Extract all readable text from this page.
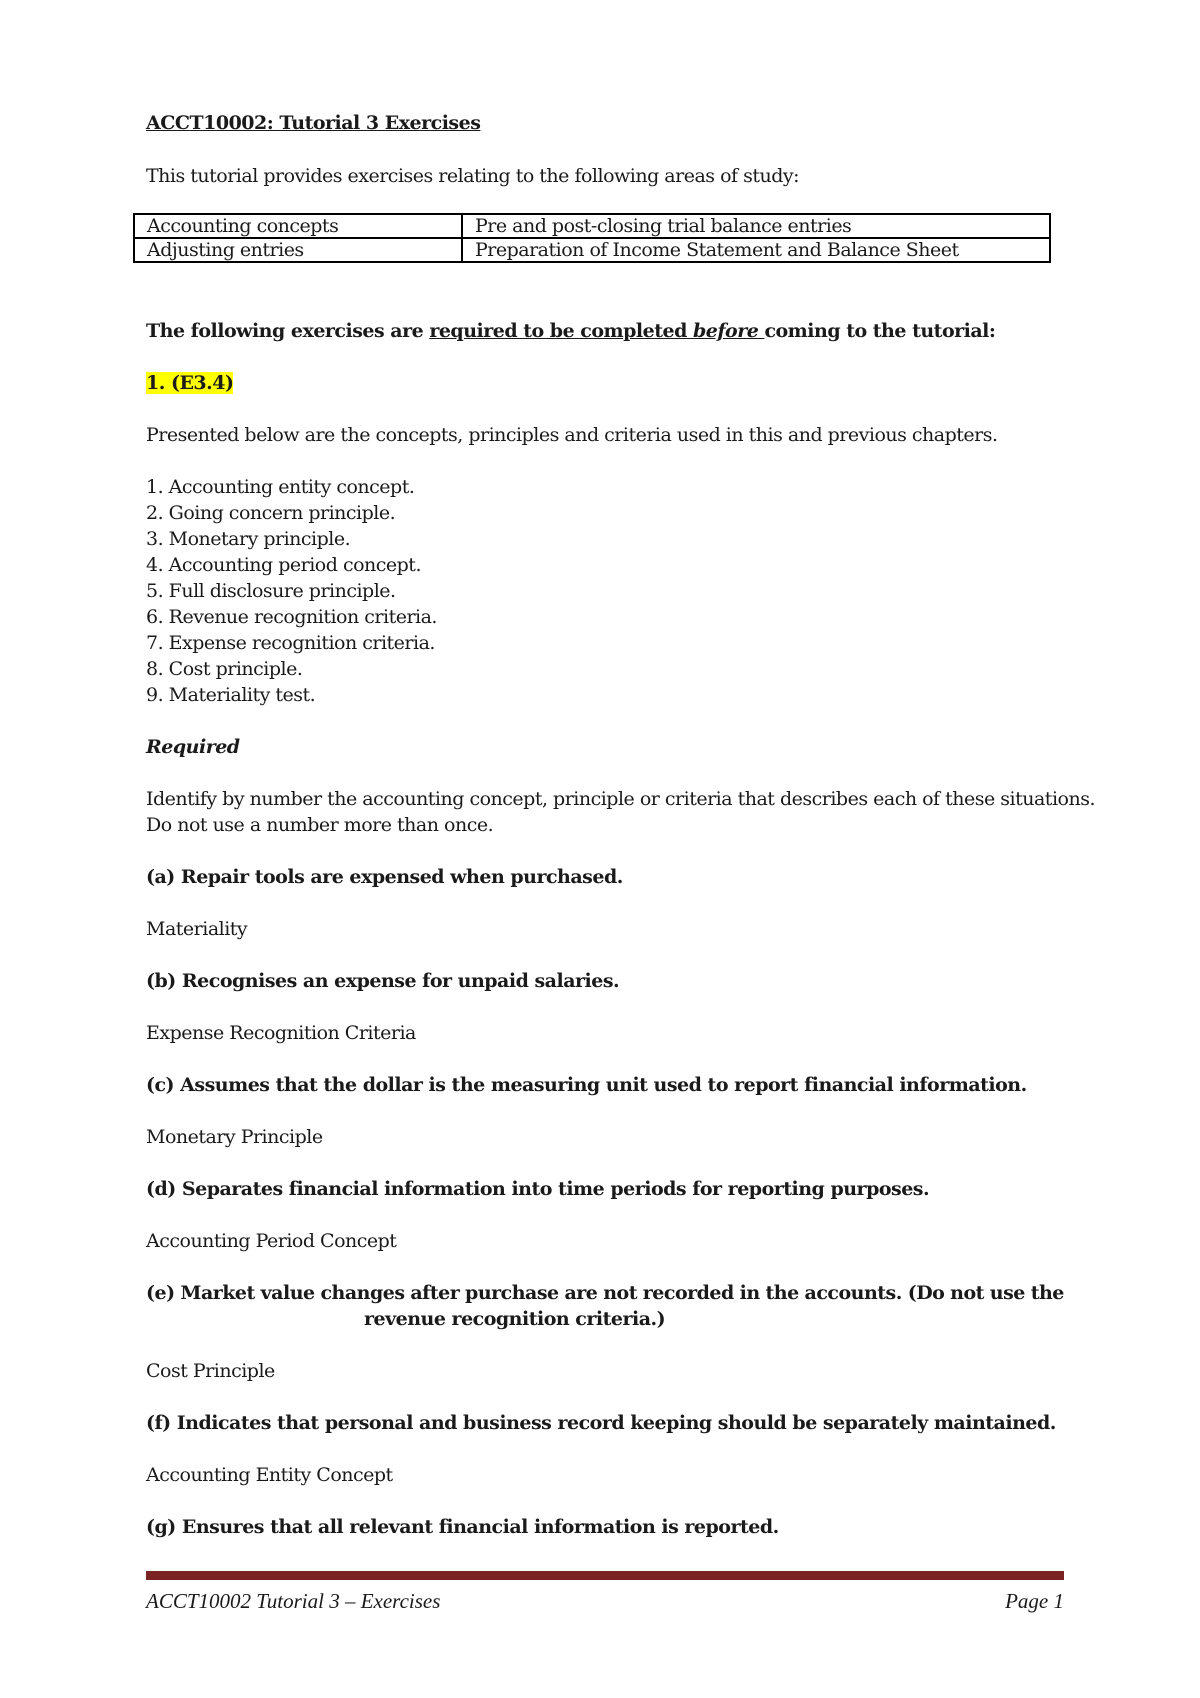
ACCT10002: Tutorial 3 Exercises
This tutorial provides exercises relating to the following areas of study:
Accounting concepts	Pre and post-closing trial balance entries
Adjusting entries	Preparation of Income Statement and Balance Sheet
The following exercises are required to be completed before coming to the tutorial:
1. (E3.4)
Presented below are the concepts, principles and criteria used in this and previous chapters.
1. Accounting entity concept.
2. Going concern principle.
3. Monetary principle.
4. Accounting period concept.
5. Full disclosure principle.
6. Revenue recognition criteria.
7. Expense recognition criteria.
8. Cost principle.
9. Materiality test.
Required
Identify by number the accounting concept, principle or criteria that describes each of these situations.
Do not use a number more than once.
(a) Repair tools are expensed when purchased.
Materiality
(b) Recognises an expense for unpaid salaries.
Expense Recognition Criteria
(c) Assumes that the dollar is the measuring unit used to report financial information.
Monetary Principle
(d) Separates financial information into time periods for reporting purposes.
Accounting Period Concept
(e) Market value changes after purchase are not recorded in the accounts. (Do not use the
revenue recognition criteria.)
Cost Principle
(f) Indicates that personal and business record keeping should be separately maintained.
Accounting Entity Concept
(g) Ensures that all relevant financial information is reported.
ACCT10002 Tutorial 3 – Exercises	Page 1
